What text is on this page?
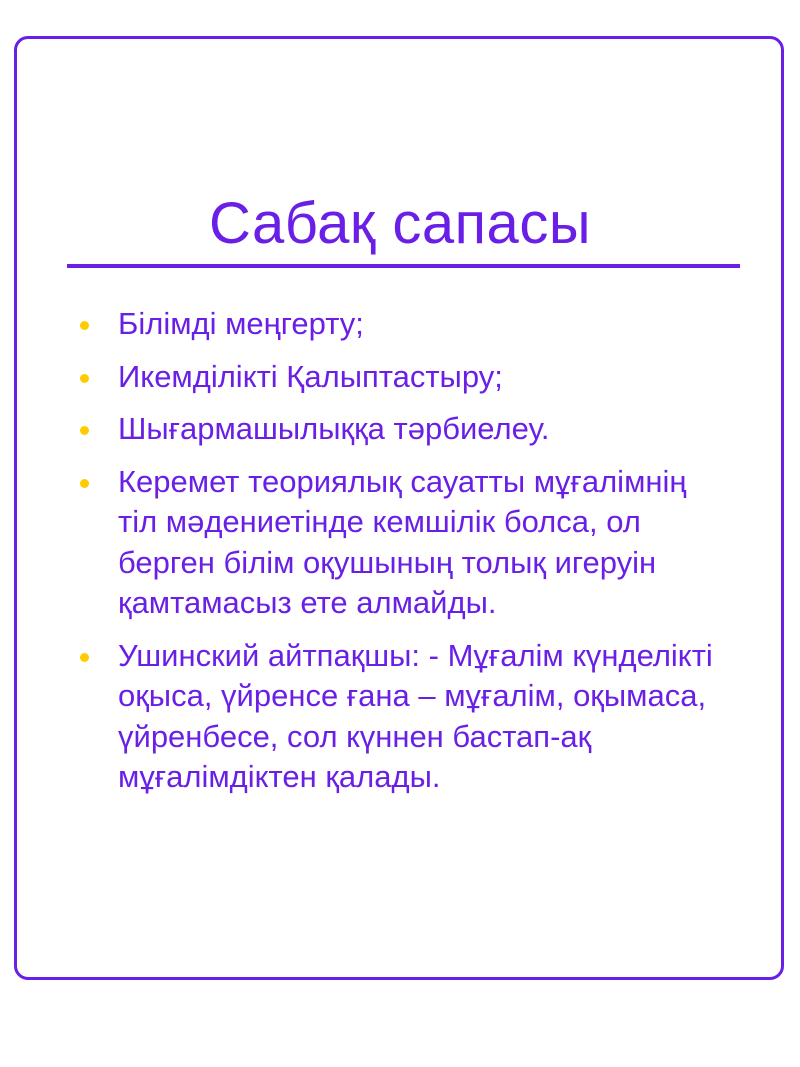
Сабақ сапасы
Білімді меңгерту;
Икемділікті Қалыптастыру;
Шығармашылыққа тәрбиелеу.
Керемет теориялық сауатты мұғалімнің тіл мәдениетінде кемшілік болса, ол берген білім оқушының толық игеруін қамтамасыз ете алмайды.
Ушинский айтпақшы: - Мұғалім күнделікті оқыса, үйренсе ғана – мұғалім, оқымаса, үйренбесе, сол күннен бастап-ақ мұғалімдіктен қалады.
